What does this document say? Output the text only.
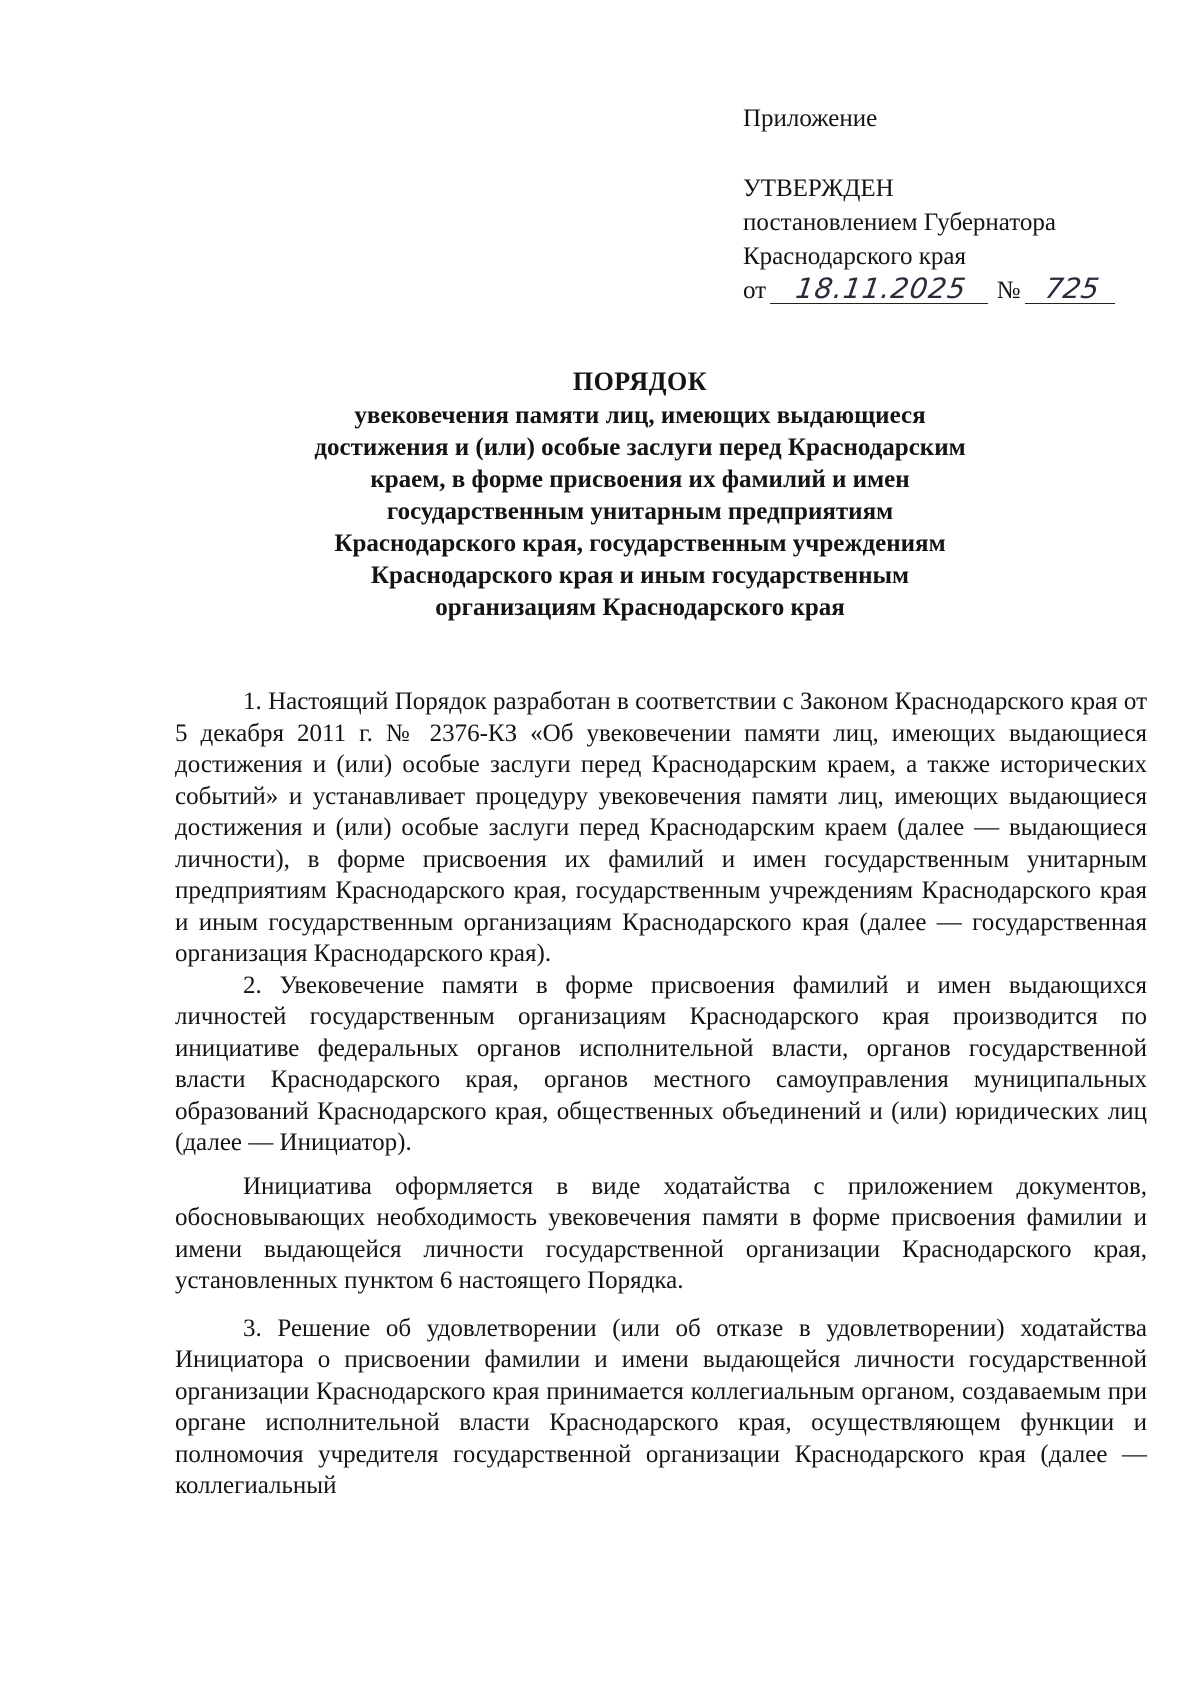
Приложение
УТВЕРЖДЕН
постановлением Губернатора
Краснодарского края
от 18.11.2025 № 725
ПОРЯДОК
увековечения памяти лиц, имеющих выдающиеся
достижения и (или) особые заслуги перед Краснодарским
краем, в форме присвоения их фамилий и имен
государственным унитарным предприятиям
Краснодарского края, государственным учреждениям
Краснодарского края и иным государственным
организациям Краснодарского края

1. Настоящий Порядок разработан в соответствии с Законом Краснодарского края от 5 декабря 2011 г. № 2376-КЗ «Об увековечении памяти лиц, имеющих выдающиеся достижения и (или) особые заслуги перед Краснодарским краем, а также исторических событий» и устанавливает процедуру увековечения памяти лиц, имеющих выдающиеся достижения и (или) особые заслуги перед Краснодарским краем (далее — выдающиеся личности), в форме присвоения их фамилий и имен государственным унитарным предприятиям Краснодарского края, государственным учреждениям Краснодарского края и иным государственным организациям Краснодарского края (далее — государственная организация Краснодарского края).

2. Увековечение памяти в форме присвоения фамилий и имен выдающихся личностей государственным организациям Краснодарского края производится по инициативе федеральных органов исполнительной власти, органов государственной власти Краснодарского края, органов местного самоуправления муниципальных образований Краснодарского края, общественных объединений и (или) юридических лиц (далее — Инициатор).

Инициатива оформляется в виде ходатайства с приложением документов, обосновывающих необходимость увековечения памяти в форме присвоения фамилии и имени выдающейся личности государственной организации Краснодарского края, установленных пунктом 6 настоящего Порядка.

3. Решение об удовлетворении (или об отказе в удовлетворении) ходатайства Инициатора о присвоении фамилии и имени выдающейся личности государственной организации Краснодарского края принимается коллегиальным органом, создаваемым при органе исполнительной власти Краснодарского края, осуществляющем функции и полномочия учредителя государственной организации Краснодарского края (далее — коллегиальный
